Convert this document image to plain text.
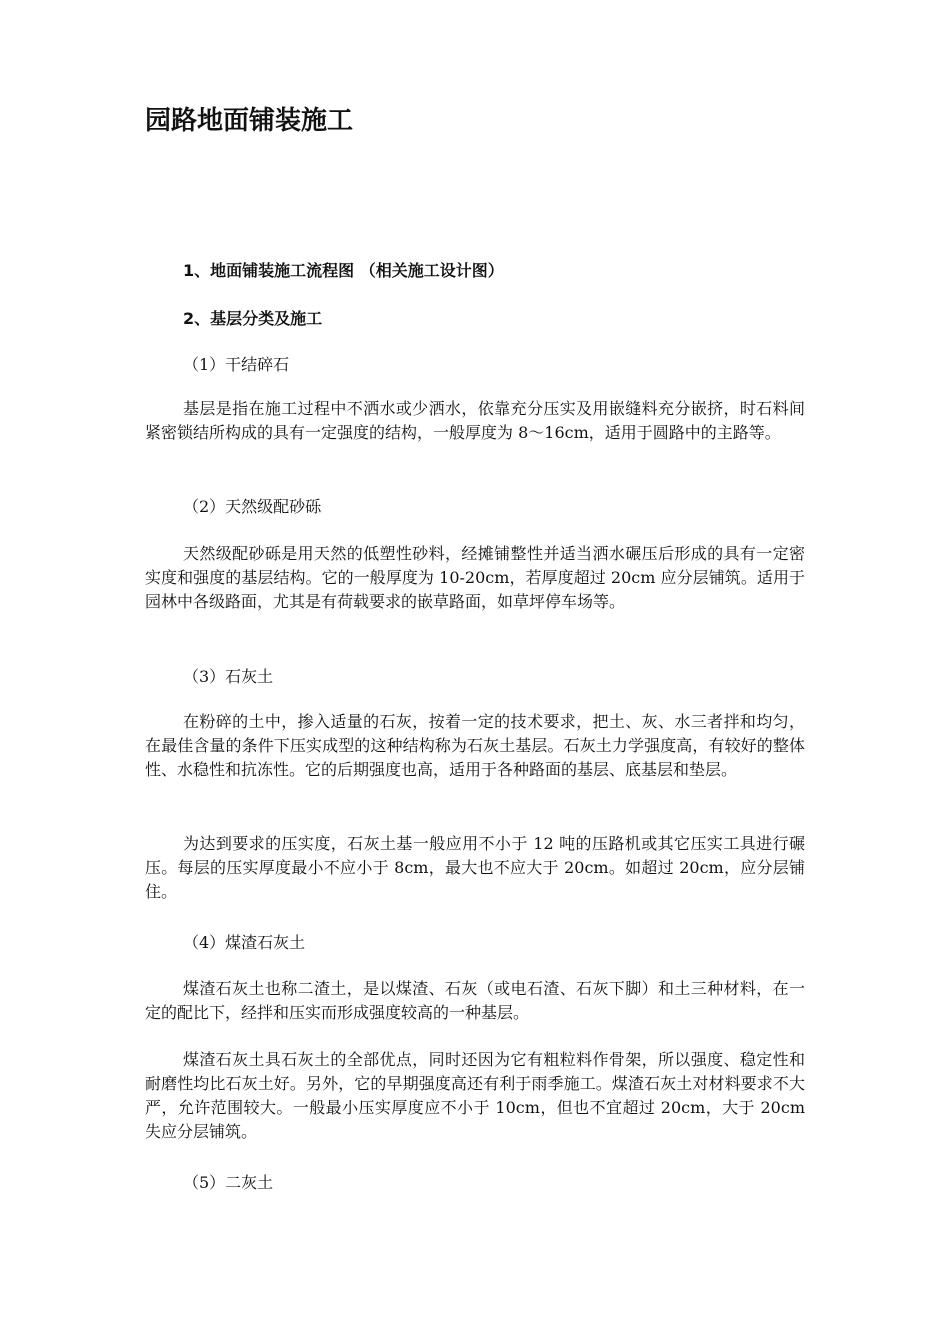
园路地面铺装施工
1、地面铺装施工流程图 （相关施工设计图）
2、基层分类及施工

（1）干结碎石

基层是指在施工过程中不洒水或少洒水，依靠充分压实及用嵌缝料充分嵌挤，时石料间紧密锁结所构成的具有一定强度的结构，一般厚度为 8～16cm，适用于圆路中的主路等。

（2）天然级配砂砾

天然级配砂砾是用天然的低塑性砂料，经摊铺整性并适当洒水碾压后形成的具有一定密实度和强度的基层结构。它的一般厚度为 10-20cm，若厚度超过 20cm 应分层铺筑。适用于园林中各级路面，尤其是有荷载要求的嵌草路面，如草坪停车场等。

（3）石灰土

在粉碎的土中，掺入适量的石灰，按着一定的技术要求，把土、灰、水三者拌和均匀，在最佳含量的条件下压实成型的这种结构称为石灰土基层。石灰土力学强度高，有较好的整体性、水稳性和抗冻性。它的后期强度也高，适用于各种路面的基层、底基层和垫层。

为达到要求的压实度，石灰土基一般应用不小于 12 吨的压路机或其它压实工具进行碾压。每层的压实厚度最小不应小于 8cm，最大也不应大于 20cm。如超过 20cm，应分层铺住。

（4）煤渣石灰土

煤渣石灰土也称二渣土，是以煤渣、石灰（或电石渣、石灰下脚）和土三种材料，在一定的配比下，经拌和压实而形成强度较高的一种基层。

煤渣石灰土具石灰土的全部优点，同时还因为它有粗粒料作骨架，所以强度、稳定性和耐磨性均比石灰土好。另外，它的早期强度高还有利于雨季施工。煤渣石灰土对材料要求不大严，允许范围较大。一般最小压实厚度应不小于 10cm，但也不宜超过 20cm，大于 20cm 失应分层铺筑。

（5）二灰土
